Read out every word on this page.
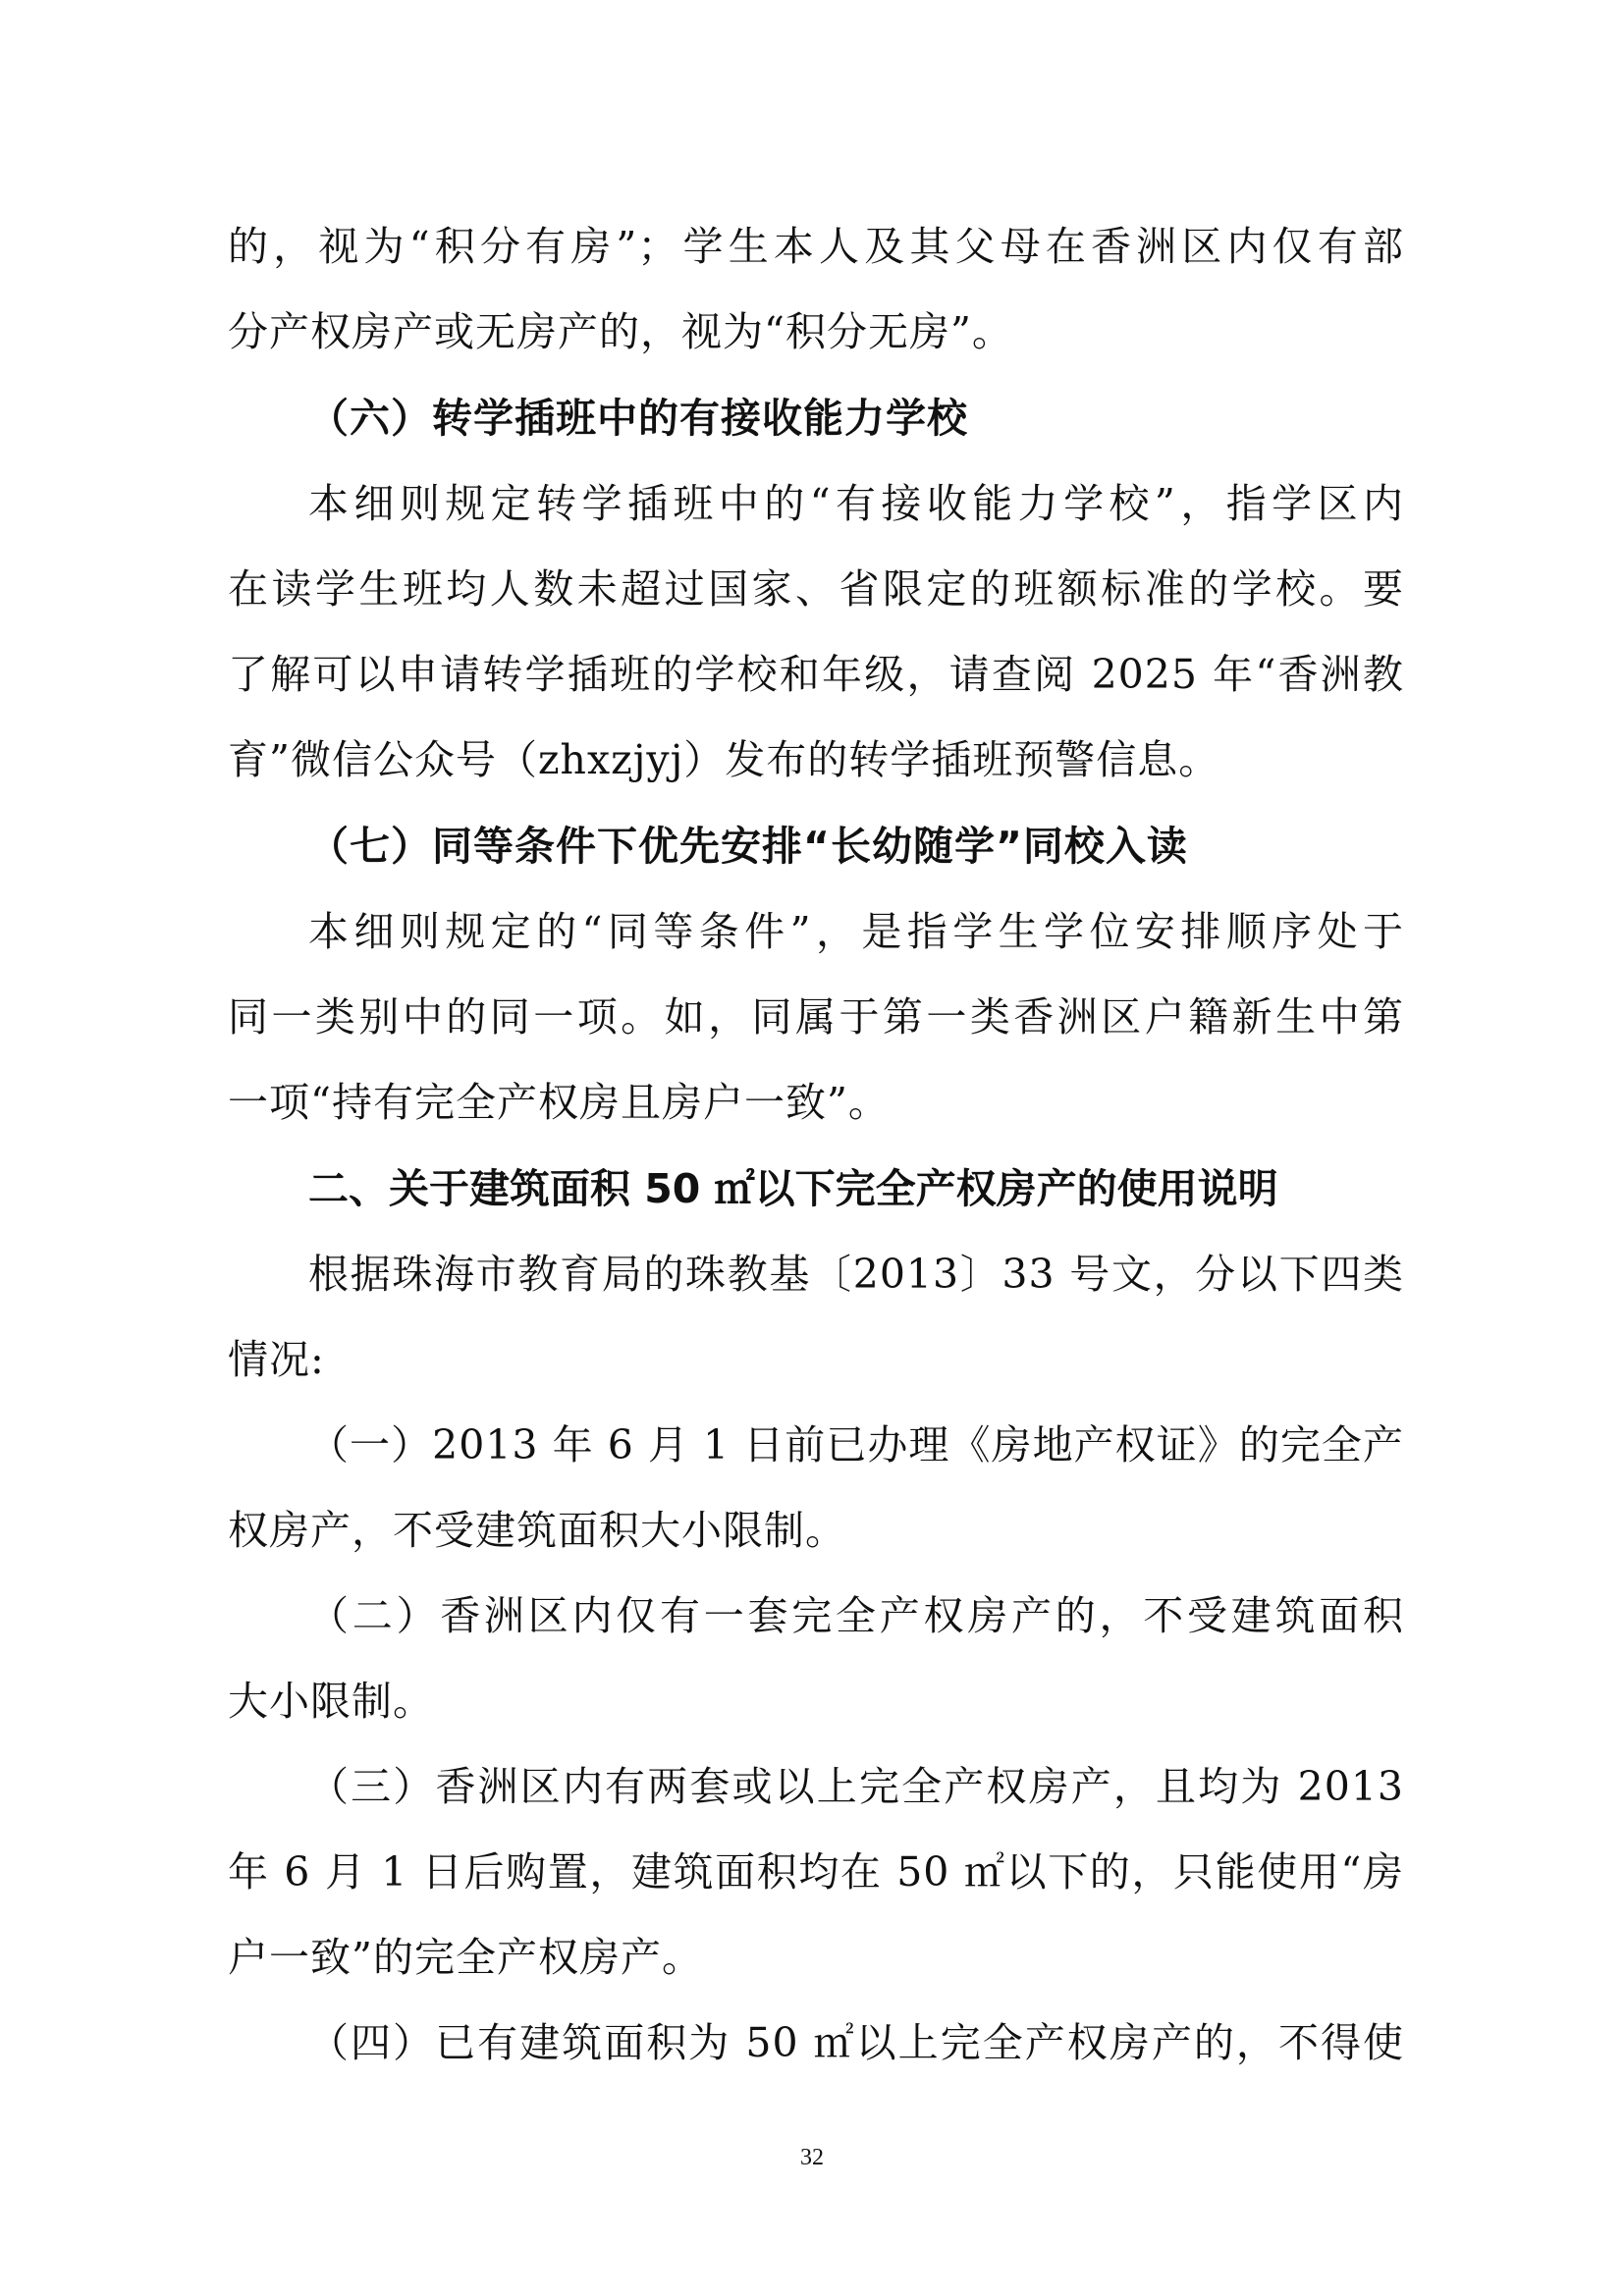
的，视为“积分有房”；学生本人及其父母在香洲区内仅有部
分产权房产或无房产的，视为“积分无房”。
（六）转学插班中的有接收能力学校
本细则规定转学插班中的“有接收能力学校”，指学区内
在读学生班均人数未超过国家、省限定的班额标准的学校。要
了解可以申请转学插班的学校和年级，请查阅 2025 年“香洲教
育”微信公众号（zhxzjyj）发布的转学插班预警信息。
（七）同等条件下优先安排“长幼随学”同校入读
本细则规定的“同等条件”，是指学生学位安排顺序处于
同一类别中的同一项。如，同属于第一类香洲区户籍新生中第
一项“持有完全产权房且房户一致”。
二、关于建筑面积 50 ㎡以下完全产权房产的使用说明
根据珠海市教育局的珠教基〔2013〕33 号文，分以下四类
情况:
（一）2013 年 6 月 1 日前已办理《房地产权证》的完全产
权房产，不受建筑面积大小限制。
（二）香洲区内仅有一套完全产权房产的，不受建筑面积
大小限制。
（三）香洲区内有两套或以上完全产权房产，且均为 2013
年 6 月 1 日后购置，建筑面积均在 50 ㎡以下的，只能使用“房
户一致”的完全产权房产。
（四）已有建筑面积为 50 ㎡以上完全产权房产的，不得使
32
